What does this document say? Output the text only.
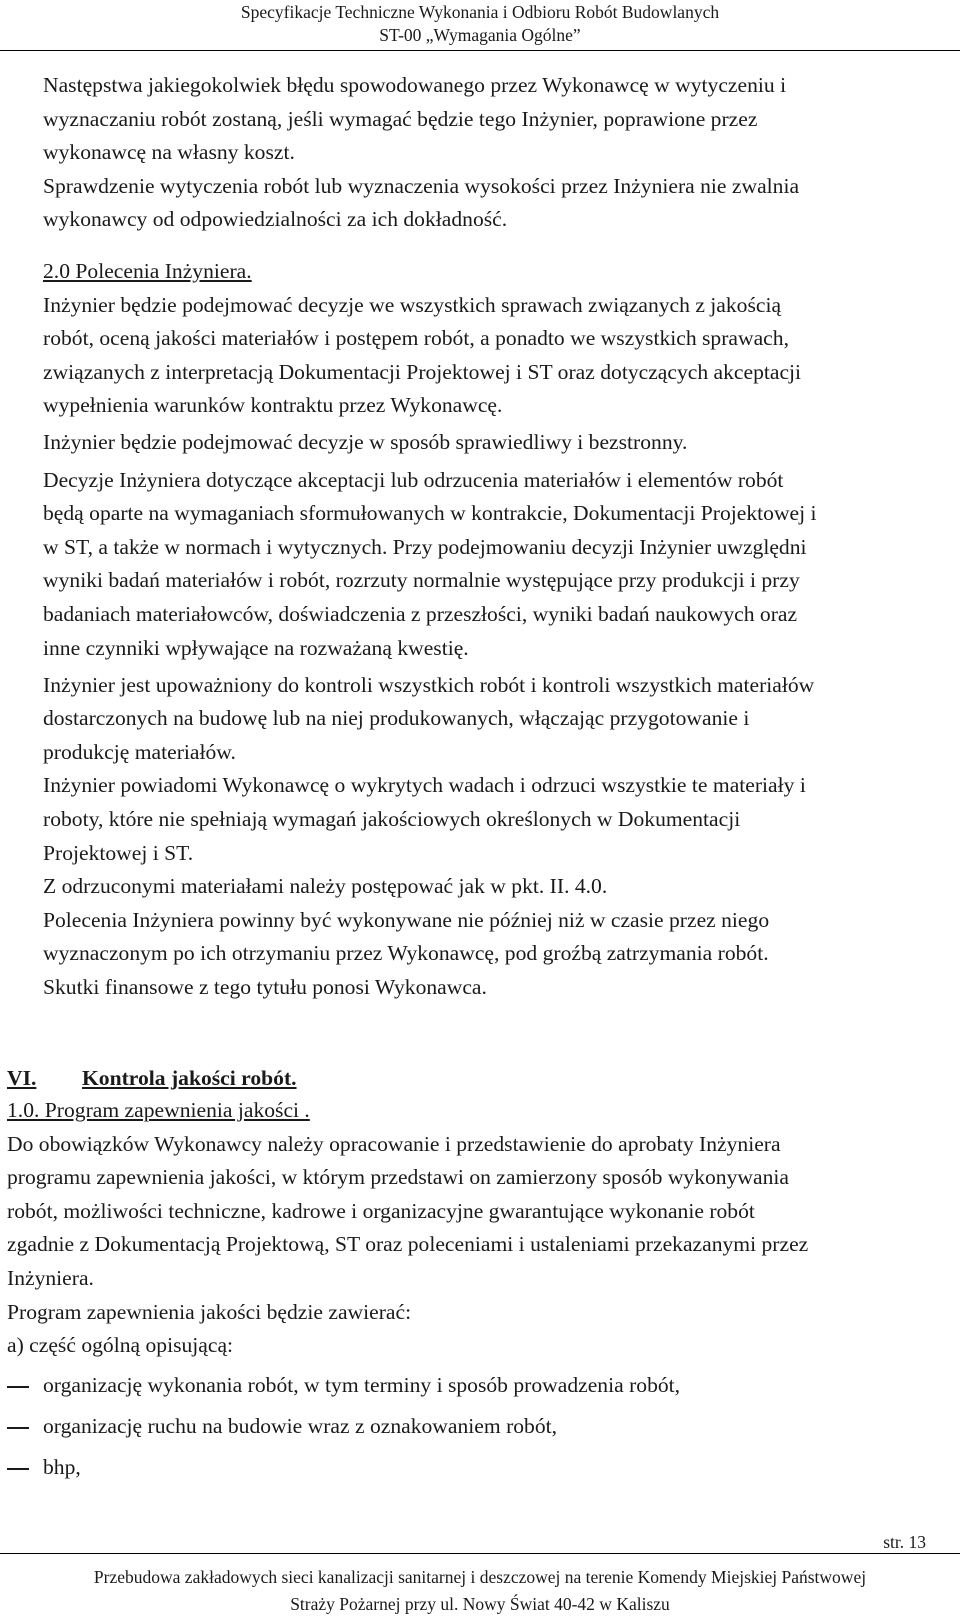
Specyfikacje Techniczne Wykonania i Odbioru Robót Budowlanych
ST-00 „Wymagania Ogólne”
Następstwa jakiegokolwiek błędu spowodowanego przez Wykonawcę w wytyczeniu i
wyznaczaniu robót zostaną, jeśli wymagać będzie tego Inżynier, poprawione przez
wykonawcę na własny koszt.
Sprawdzenie wytyczenia robót lub wyznaczenia wysokości przez Inżyniera nie zwalnia
wykonawcy od odpowiedzialności za ich dokładność.
2.0 Polecenia Inżyniera.
Inżynier będzie podejmować decyzje we wszystkich sprawach związanych z jakością
robót, oceną jakości materiałów i postępem robót, a ponadto we wszystkich sprawach,
związanych z interpretacją Dokumentacji Projektowej i ST oraz dotyczących akceptacji
wypełnienia warunków kontraktu przez Wykonawcę.
Inżynier będzie podejmować decyzje w sposób sprawiedliwy i bezstronny.
Decyzje Inżyniera dotyczące akceptacji lub odrzucenia materiałów i elementów robót
będą oparte na wymaganiach sformułowanych w kontrakcie, Dokumentacji Projektowej i
w ST, a także w normach i wytycznych. Przy podejmowaniu decyzji Inżynier uwzględni
wyniki badań materiałów i robót, rozrzuty normalnie występujące przy produkcji i przy
badaniach materiałowców, doświadczenia z przeszłości, wyniki badań naukowych oraz
inne czynniki wpływające na rozważaną kwestię.
Inżynier jest upoważniony do kontroli wszystkich robót i kontroli wszystkich materiałów
dostarczonych na budowę lub na niej produkowanych, włączając przygotowanie i
produkcję materiałów.
Inżynier powiadomi Wykonawcę o wykrytych wadach i odrzuci wszystkie te materiały i
roboty, które nie spełniają wymagań jakościowych określonych w Dokumentacji
Projektowej i ST.
Z odrzuconymi materiałami należy postępować jak w pkt. II. 4.0.
Polecenia Inżyniera powinny być wykonywane nie później niż w czasie przez niego
wyznaczonym po ich otrzymaniu przez Wykonawcę, pod groźbą zatrzymania robót.
Skutki finansowe z tego tytułu ponosi Wykonawca.
VI. Kontrola jakości robót.
1.0. Program zapewnienia jakości .
Do obowiązków Wykonawcy należy opracowanie i przedstawienie do aprobaty Inżyniera
programu zapewnienia jakości, w którym przedstawi on zamierzony sposób wykonywania
robót, możliwości techniczne, kadrowe i organizacyjne gwarantujące wykonanie robót
zgadnie z Dokumentacją Projektową, ST oraz poleceniami i ustaleniami przekazanymi przez
Inżyniera.
Program zapewnienia jakości będzie zawierać:
a) część ogólną opisującą:
organizację wykonania robót, w tym terminy i sposób prowadzenia robót,
organizację ruchu na budowie wraz z oznakowaniem robót,
bhp,
str. 13
Przebudowa zakładowych sieci kanalizacji sanitarnej i deszczowej na terenie Komendy Miejskiej Państwowej
Straży Pożarnej przy ul. Nowy Świat 40-42 w Kaliszu
